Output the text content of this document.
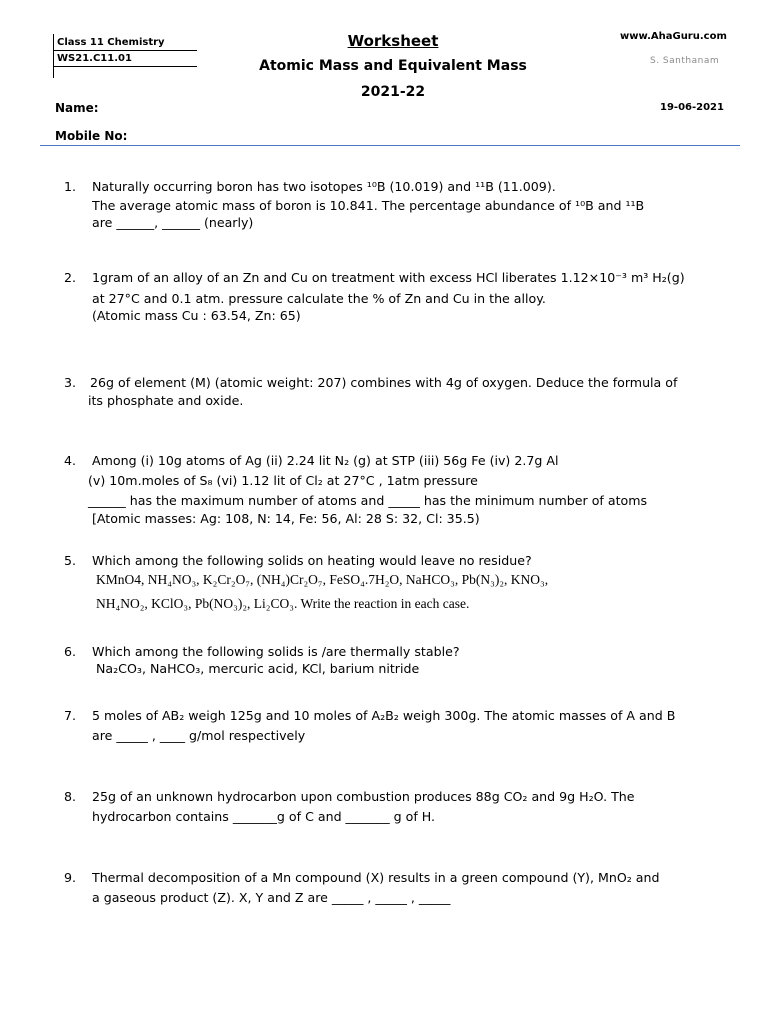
Class 11 Chemistry
WS21.C11.01
Worksheet
Atomic Mass and Equivalent Mass
2021-22
www.AhaGuru.com
S. Santhanam
19-06-2021
Name:
Mobile No:
1. Naturally occurring boron has two isotopes ¹⁰B (10.019) and ¹¹B (11.009).
The average atomic mass of boron is 10.841. The percentage abundance of ¹⁰B and ¹¹B
are ______, ______ (nearly)
2. 1gram of an alloy of an Zn and Cu on treatment with excess HCl liberates 1.12×10⁻³ m³ H₂(g)
at 27°C and 0.1 atm. pressure calculate the % of Zn and Cu in the alloy.
(Atomic mass Cu : 63.54, Zn: 65)
3. 26g of element (M) (atomic weight: 207) combines with 4g of oxygen. Deduce the formula of
its phosphate and oxide.
4. Among (i) 10g atoms of Ag (ii) 2.24 lit N₂ (g) at STP (iii) 56g Fe (iv) 2.7g Al
(v) 10m.moles of S₈ (vi) 1.12 lit of Cl₂ at 27°C , 1atm pressure
______ has the maximum number of atoms and _____ has the minimum number of atoms
[Atomic masses: Ag: 108, N: 14, Fe: 56, Al: 28 S: 32, Cl: 35.5)
5. Which among the following solids on heating would leave no residue?
KMnO4, NH₄NO₃, K₂Cr₂O₇, (NH₄)Cr₂O₇, FeSO₄.7H₂O, NaHCO₃, Pb(N₃)₂, KNO₃,
NH₄NO₂, KClO₃, Pb(NO₃)₂, Li₂CO₃. Write the reaction in each case.
6. Which among the following solids is /are thermally stable?
Na₂CO₃, NaHCO₃, mercuric acid, KCl, barium nitride
7. 5 moles of AB₂ weigh 125g and 10 moles of A₂B₂ weigh 300g. The atomic masses of A and B
are _____ , ____ g/mol respectively
8. 25g of an unknown hydrocarbon upon combustion produces 88g CO₂ and 9g H₂O. The
hydrocarbon contains _______g of C and _______ g of H.
9. Thermal decomposition of a Mn compound (X) results in a green compound (Y), MnO₂ and
a gaseous product (Z). X, Y and Z are _____ , _____ , _____
